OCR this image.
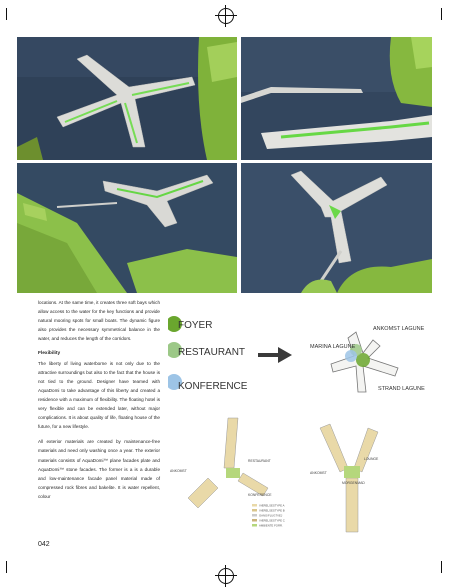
locations. At the same time, it creates three soft bays which allow access to the water for the key functions and provide natural mooring spots for small boats. The dynamic figure also provides the necessary symmetrical balance in the water, and reduces the length of the corridors.

Flexibility

The liberty of living waterborne is not only due to the attractive surroundings but also to the fact that the house is not tied to the ground. Designer have teamed with AquaDomi to take advantage of this liberty and created a residence with a maximum of flexibility. The floating hotel is very flexible and can be extended later, without major complications. It is about quality of life, floating house of the future, for a new lifestyle.

All exterior materials are created by maintenance-free materials and need only washing once a year. The exterior materials consists of AquaDomi™ plane facades plate and AquaDomi™ stone facades. The former is a is a durable and low-maintenance facade panel material made of compressed rock fibres and bakelite. It is water repellent, colour

042
FOYER
RESTAURANT
KONFERENCE
MARINA LAGUNE
ANKOMST LAGUNE
STRAND LAGUNE
ANKOMST
RESTAURANT
KONFERENCE
LOUNGE
MORGENMAD
ANKOMST
VÆRELSESTYPE A
VÆRELSESTYPE B
GANG/FLUGTVEJ
VÆRELSESTYPE C
AMBIENTE FORR.
